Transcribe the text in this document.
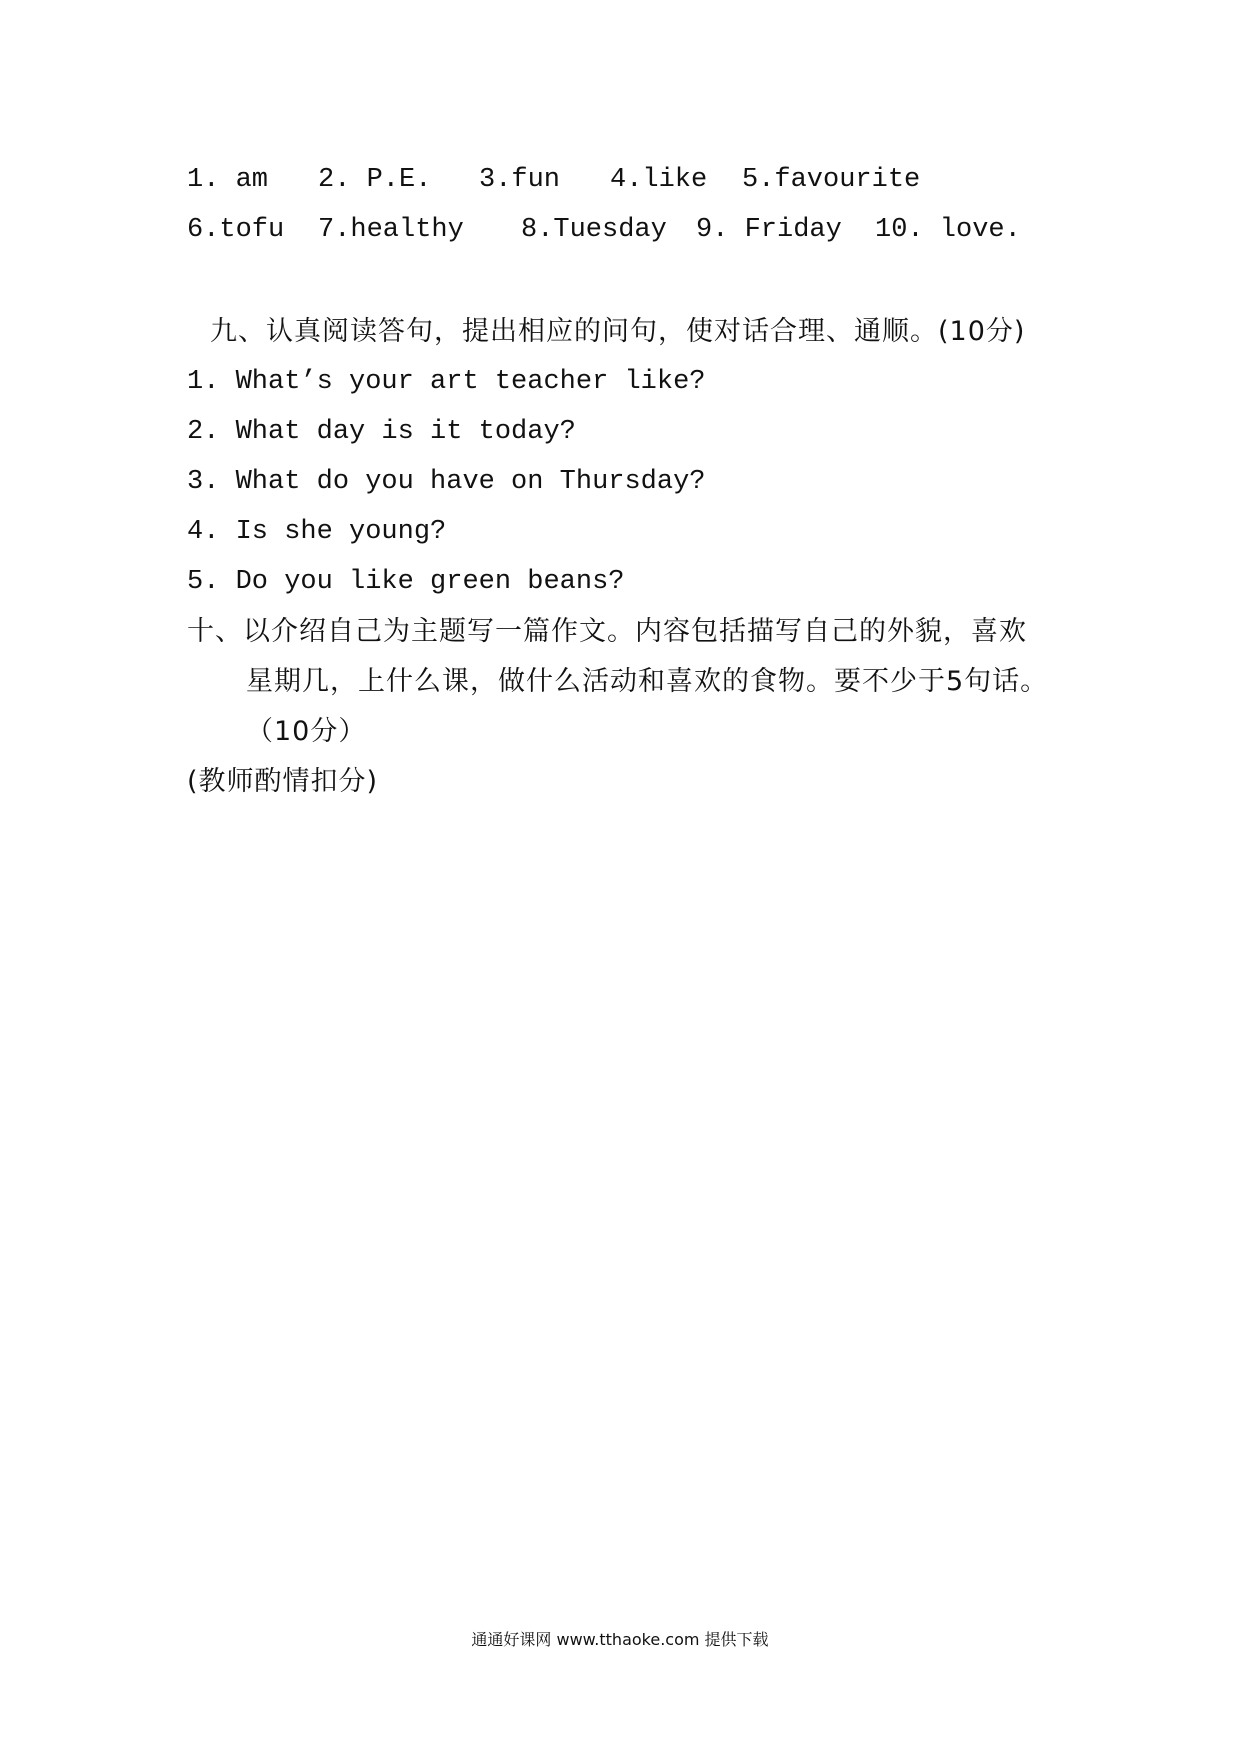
1. am 2. P.E. 3.fun 4.like 5.favourite
6.tofu 7.healthy 8.Tuesday 9. Friday 10. love.
九、认真阅读答句，提出相应的问句，使对话合理、通顺。(10分)
1. What’s your art teacher like?
2. What day is it today?
3. What do you have on Thursday?
4. Is she young?
5. Do you like green beans?
十、以介绍自己为主题写一篇作文。内容包括描写自己的外貌，喜欢
星期几，上什么课，做什么活动和喜欢的食物。要不少于5句话。
（10分）
(教师酌情扣分)
通通好课网 www.tthaoke.com 提供下载
